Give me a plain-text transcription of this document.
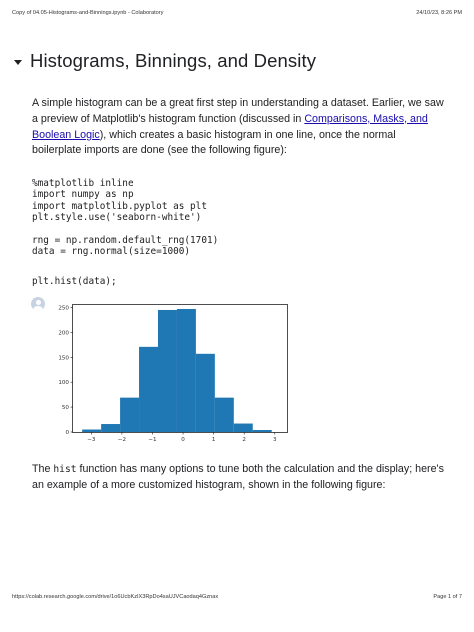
Copy of 04.05-Histograms-and-Binnings.ipynb - Colaboratory	24/10/23, 8:26 PM
Histograms, Binnings, and Density

A simple histogram can be a great first step in understanding a dataset. Earlier, we saw a preview of Matplotlib's histogram function (discussed in Comparisons, Masks, and Boolean Logic), which creates a basic histogram in one line, once the normal boilerplate imports are done (see the following figure):

%matplotlib inline
import numpy as np
import matplotlib.pyplot as plt
plt.style.use('seaborn-white')

rng = np.random.default_rng(1701)
data = rng.normal(size=1000)
plt.hist(data);
−3	−2	−1	0	1	2	3
0
50
100
150
200
250

The hist function has many options to tune both the calculation and the display; here's an example of a more customized histogram, shown in the following figure:

https://colab.research.google.com/drive/1o6UcbKzIX3RpDo4saUJVCaodaq4Gznax	Page 1 of 7
